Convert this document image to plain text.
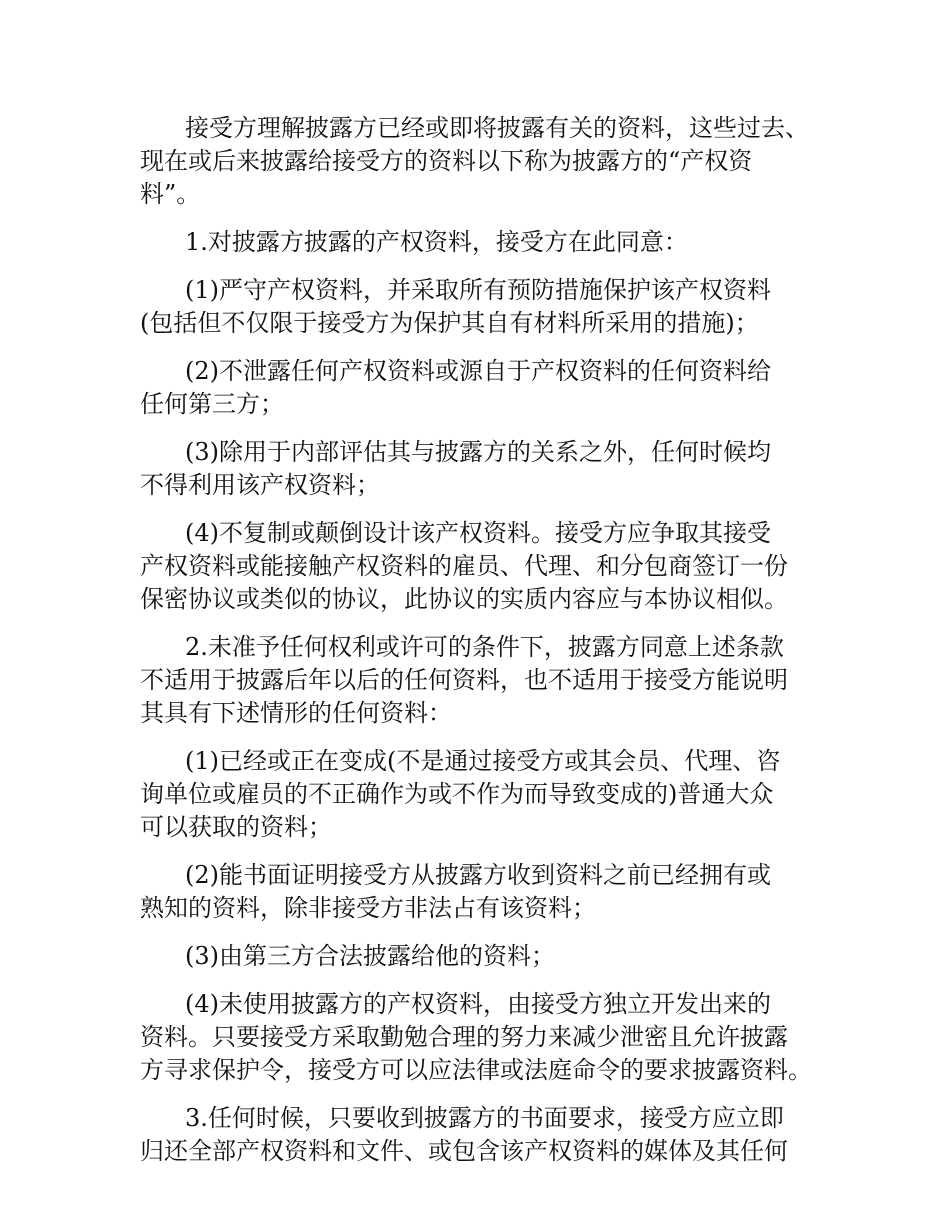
接受方理解披露方已经或即将披露有关的资料，这些过去、
现在或后来披露给接受方的资料以下称为披露方的“产权资
料”。

1.对披露方披露的产权资料，接受方在此同意：

(1)严守产权资料，并采取所有预防措施保护该产权资料
(包括但不仅限于接受方为保护其自有材料所采用的措施)；

(2)不泄露任何产权资料或源自于产权资料的任何资料给
任何第三方；

(3)除用于内部评估其与披露方的关系之外，任何时候均
不得利用该产权资料；

(4)不复制或颠倒设计该产权资料。接受方应争取其接受
产权资料或能接触产权资料的雇员、代理、和分包商签订一份
保密协议或类似的协议，此协议的实质内容应与本协议相似。

2.未准予任何权利或许可的条件下，披露方同意上述条款
不适用于披露后年以后的任何资料，也不适用于接受方能说明
其具有下述情形的任何资料：

(1)已经或正在变成(不是通过接受方或其会员、代理、咨
询单位或雇员的不正确作为或不作为而导致变成的)普通大众
可以获取的资料；

(2)能书面证明接受方从披露方收到资料之前已经拥有或
熟知的资料，除非接受方非法占有该资料；

(3)由第三方合法披露给他的资料；

(4)未使用披露方的产权资料，由接受方独立开发出来的
资料。只要接受方采取勤勉合理的努力来减少泄密且允许披露
方寻求保护令，接受方可以应法律或法庭命令的要求披露资料。

3.任何时候，只要收到披露方的书面要求，接受方应立即
归还全部产权资料和文件、或包含该产权资料的媒体及其任何
